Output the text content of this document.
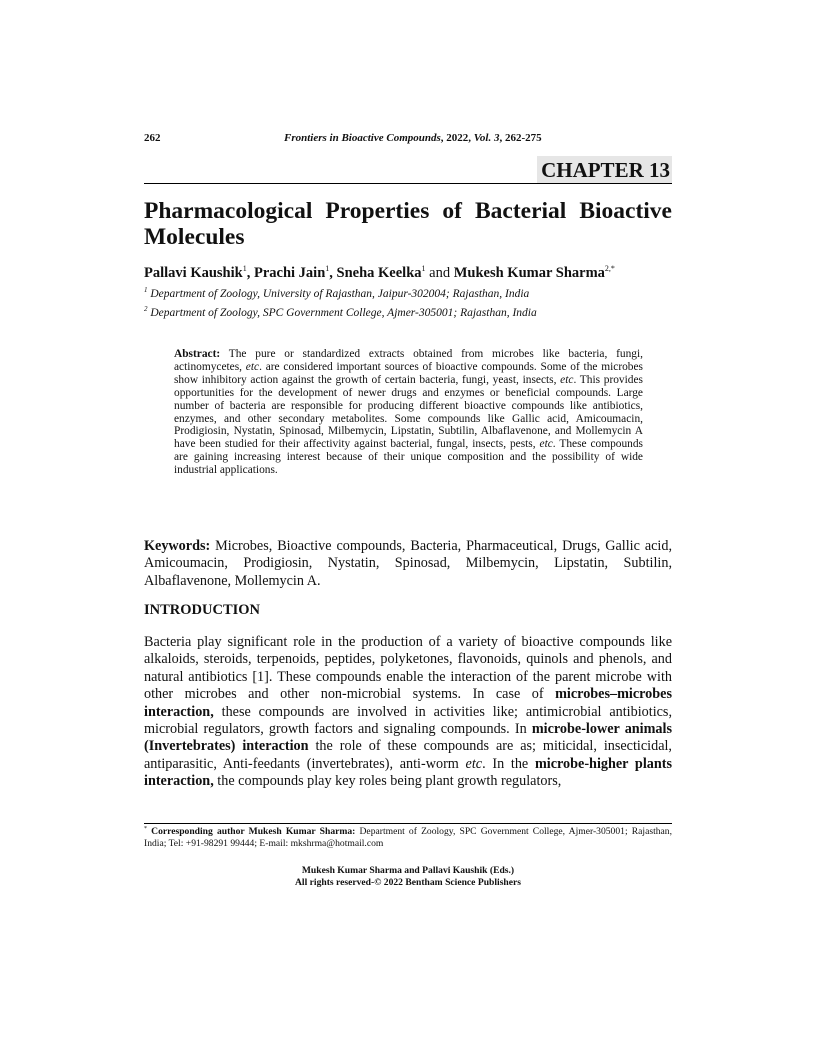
262	Frontiers in Bioactive Compounds, 2022, Vol. 3, 262-275
CHAPTER 13
Pharmacological Properties of Bacterial Bioactive Molecules
Pallavi Kaushik$^1$, Prachi Jain$^1$, Sneha Keelka$^1$ and Mukesh Kumar Sharma$^{2,*}$
$^1$ Department of Zoology, University of Rajasthan, Jaipur-302004; Rajasthan, India
$^2$ Department of Zoology, SPC Government College, Ajmer-305001; Rajasthan, India
Abstract: The pure or standardized extracts obtained from microbes like bacteria, fungi, actinomycetes, etc. are considered important sources of bioactive compounds. Some of the microbes show inhibitory action against the growth of certain bacteria, fungi, yeast, insects, etc. This provides opportunities for the development of newer drugs and enzymes or beneficial compounds. Large number of bacteria are responsible for producing different bioactive compounds like antibiotics, enzymes, and other secondary metabolites. Some compounds like Gallic acid, Amicoumacin, Prodigiosin, Nystatin, Spinosad, Milbemycin, Lipstatin, Subtilin, Albaflavenone, and Mollemycin A have been studied for their affectivity against bacterial, fungal, insects, pests, etc. These compounds are gaining increasing interest because of their unique composition and the possibility of wide industrial applications.
Keywords: Microbes, Bioactive compounds, Bacteria, Pharmaceutical, Drugs, Gallic acid, Amicoumacin, Prodigiosin, Nystatin, Spinosad, Milbemycin, Lipstatin, Subtilin, Albaflavenone, Mollemycin A.
INTRODUCTION
Bacteria play significant role in the production of a variety of bioactive compounds like alkaloids, steroids, terpenoids, peptides, polyketones, flavonoids, quinols and phenols, and natural antibiotics [1]. These compounds enable the interaction of the parent microbe with other microbes and other non-microbial systems. In case of microbes–microbes interaction, these compounds are involved in activities like; antimicrobial antibiotics, microbial regulators, growth factors and signaling compounds. In microbe-lower animals (Invertebrates) interaction the role of these compounds are as; miticidal, insecticidal, antiparasitic, Anti-feedants (invertebrates), anti-worm etc. In the microbe-higher plants interaction, the compounds play key roles being plant growth regulators,
* Corresponding author Mukesh Kumar Sharma: Department of Zoology, SPC Government College, Ajmer-305001; Rajasthan, India; Tel: +91-98291 99444; E-mail: mkshrma@hotmail.com
Mukesh Kumar Sharma and Pallavi Kaushik (Eds.)
All rights reserved-© 2022 Bentham Science Publishers
